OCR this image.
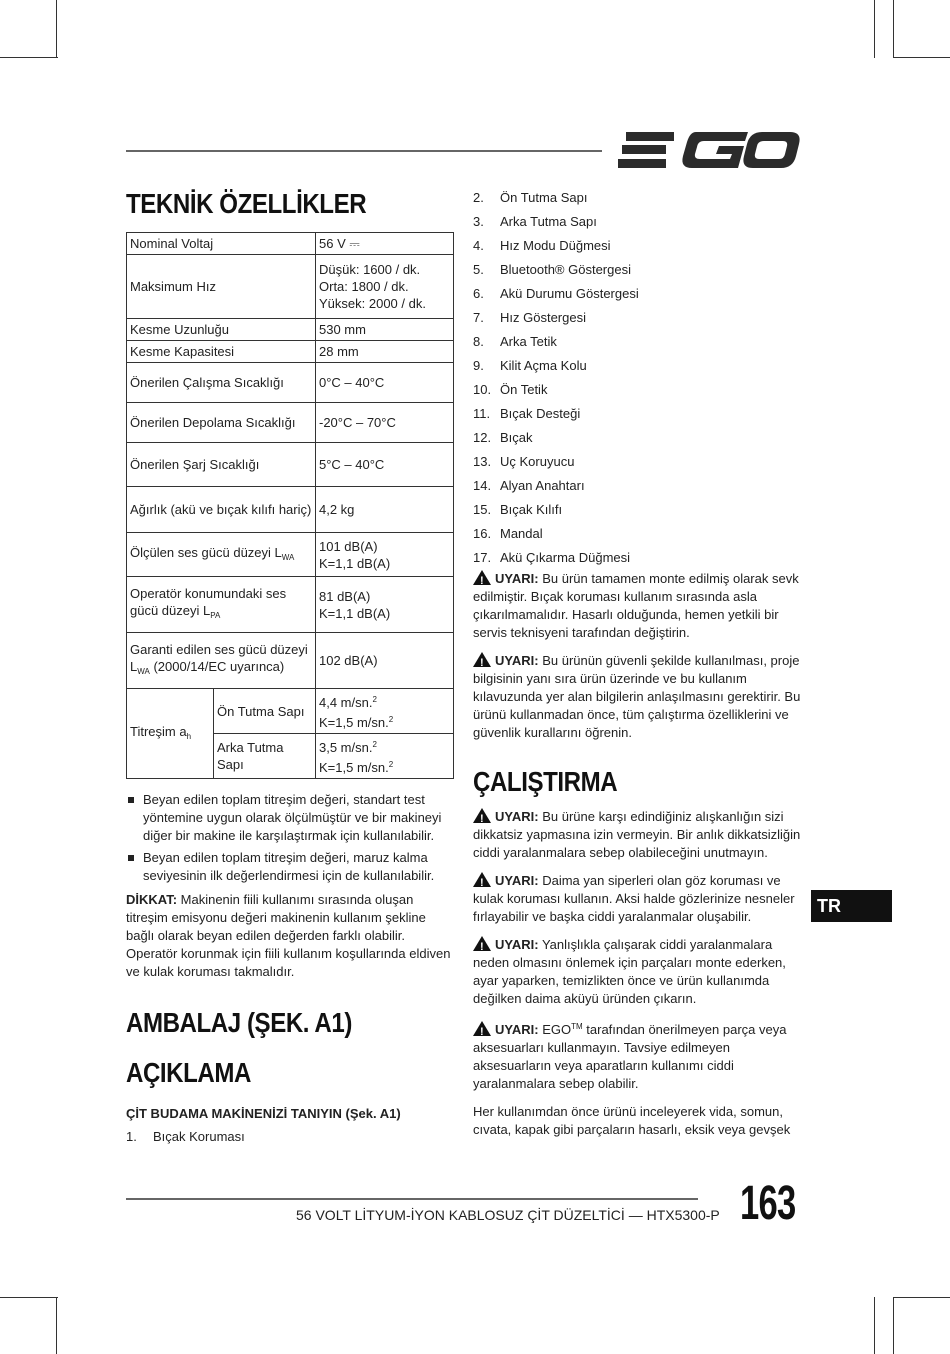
TEKNİK ÖZELLİKLER
Nominal Voltaj		56 V ⎓
Maksimum Hız		Düşük: 1600 / dk.
Orta: 1800 / dk.
Yüksek: 2000 / dk.
Kesme Uzunluğu		530 mm
Kesme Kapasitesi		28 mm
Önerilen Çalışma Sıcaklığı		0°C – 40°C
Önerilen Depolama Sıcaklığı		-20°C – 70°C
Önerilen Şarj Sıcaklığı		5°C – 40°C
Ağırlık (akü ve bıçak kılıfı hariç)		4,2 kg
Ölçülen ses gücü düzeyi $L_{WA}$		101 dB(A)
K=1,1 dB(A)
Operatör konumundaki ses gücü düzeyi $L_{PA}$		81 dB(A)
K=1,1 dB(A)
Garanti edilen ses gücü düzeyi $L_{WA}$ (2000/14/EC uyarınca)		102 dB(A)
Titreşim $a_h$	Ön Tutma Sapı	4,4 m/sn.$^2$
K=1,5 m/sn.$^2$
	Arka Tutma Sapı	3,5 m/sn.$^2$
K=1,5 m/sn.$^2$
Beyan edilen toplam titreşim değeri, standart test yöntemine uygun olarak ölçülmüştür ve bir makineyi diğer bir makine ile karşılaştırmak için kullanılabilir.
Beyan edilen toplam titreşim değeri, maruz kalma seviyesinin ilk değerlendirmesi için de kullanılabilir.

DİKKAT: Makinenin fiili kullanımı sırasında oluşan titreşim emisyonu değeri makinenin kullanım şekline bağlı olarak beyan edilen değerden farklı olabilir. Operatör korunmak için fiili kullanım koşullarında eldiven ve kulak koruması takmalıdır.

AMBALAJ (ŞEK. A1)
AÇIKLAMA

ÇİT BUDAMA MAKİNENİZİ TANIYIN (Şek. A1)

1.	Bıçak Koruması
2.	Ön Tutma Sapı
3.	Arka Tutma Sapı
4.	Hız Modu Düğmesi
5.	Bluetooth® Göstergesi
6.	Akü Durumu Göstergesi
7.	Hız Göstergesi
8.	Arka Tetik
9.	Kilit Açma Kolu
10. Ön Tetik
11. Bıçak Desteği
12. Bıçak
13. Uç Koruyucu
14. Alyan Anahtarı
15. Bıçak Kılıfı
16. Mandal
17. Akü Çıkarma Düğmesi

!UYARI: Bu ürün tamamen monte edilmiş olarak sevk edilmiştir. Bıçak koruması kullanım sırasında asla çıkarılmamalıdır. Hasarlı olduğunda, hemen yetkili bir servis teknisyeni tarafından değiştirin.

!UYARI: Bu ürünün güvenli şekilde kullanılması, proje bilgisinin yanı sıra ürün üzerinde ve bu kullanım kılavuzunda yer alan bilgilerin anlaşılmasını gerektirir. Bu ürünü kullanmadan önce, tüm çalıştırma özelliklerini ve güvenlik kurallarını öğrenin.

ÇALIŞTIRMA

!UYARI: Bu ürüne karşı edindiğiniz alışkanlığın sizi dikkatsiz yapmasına izin vermeyin. Bir anlık dikkatsizliğin ciddi yaralanmalara sebep olabileceğini unutmayın.

!UYARI: Daima yan siperleri olan göz koruması ve kulak koruması kullanın. Aksi halde gözlerinize nesneler fırlayabilir ve başka ciddi yaralanmalar oluşabilir.

!UYARI: Yanlışlıkla çalışarak ciddi yaralanmalara neden olmasını önlemek için parçaları monte ederken, ayar yaparken, temizlikten önce ve ürün kullanımda değilken daima aküyü üründen çıkarın.

!UYARI: EGO™ tarafından önerilmeyen parça veya aksesuarları kullanmayın. Tavsiye edilmeyen aksesuarların veya aparatların kullanımı ciddi yaralanmalara sebep olabilir.

Her kullanımdan önce ürünü inceleyerek vida, somun, cıvata, kapak gibi parçaların hasarlı, eksik veya gevşek

TR
56 VOLT LİTYUM-İYON KABLOSUZ ÇİT DÜZELTİCİ — HTX5300-P 163
